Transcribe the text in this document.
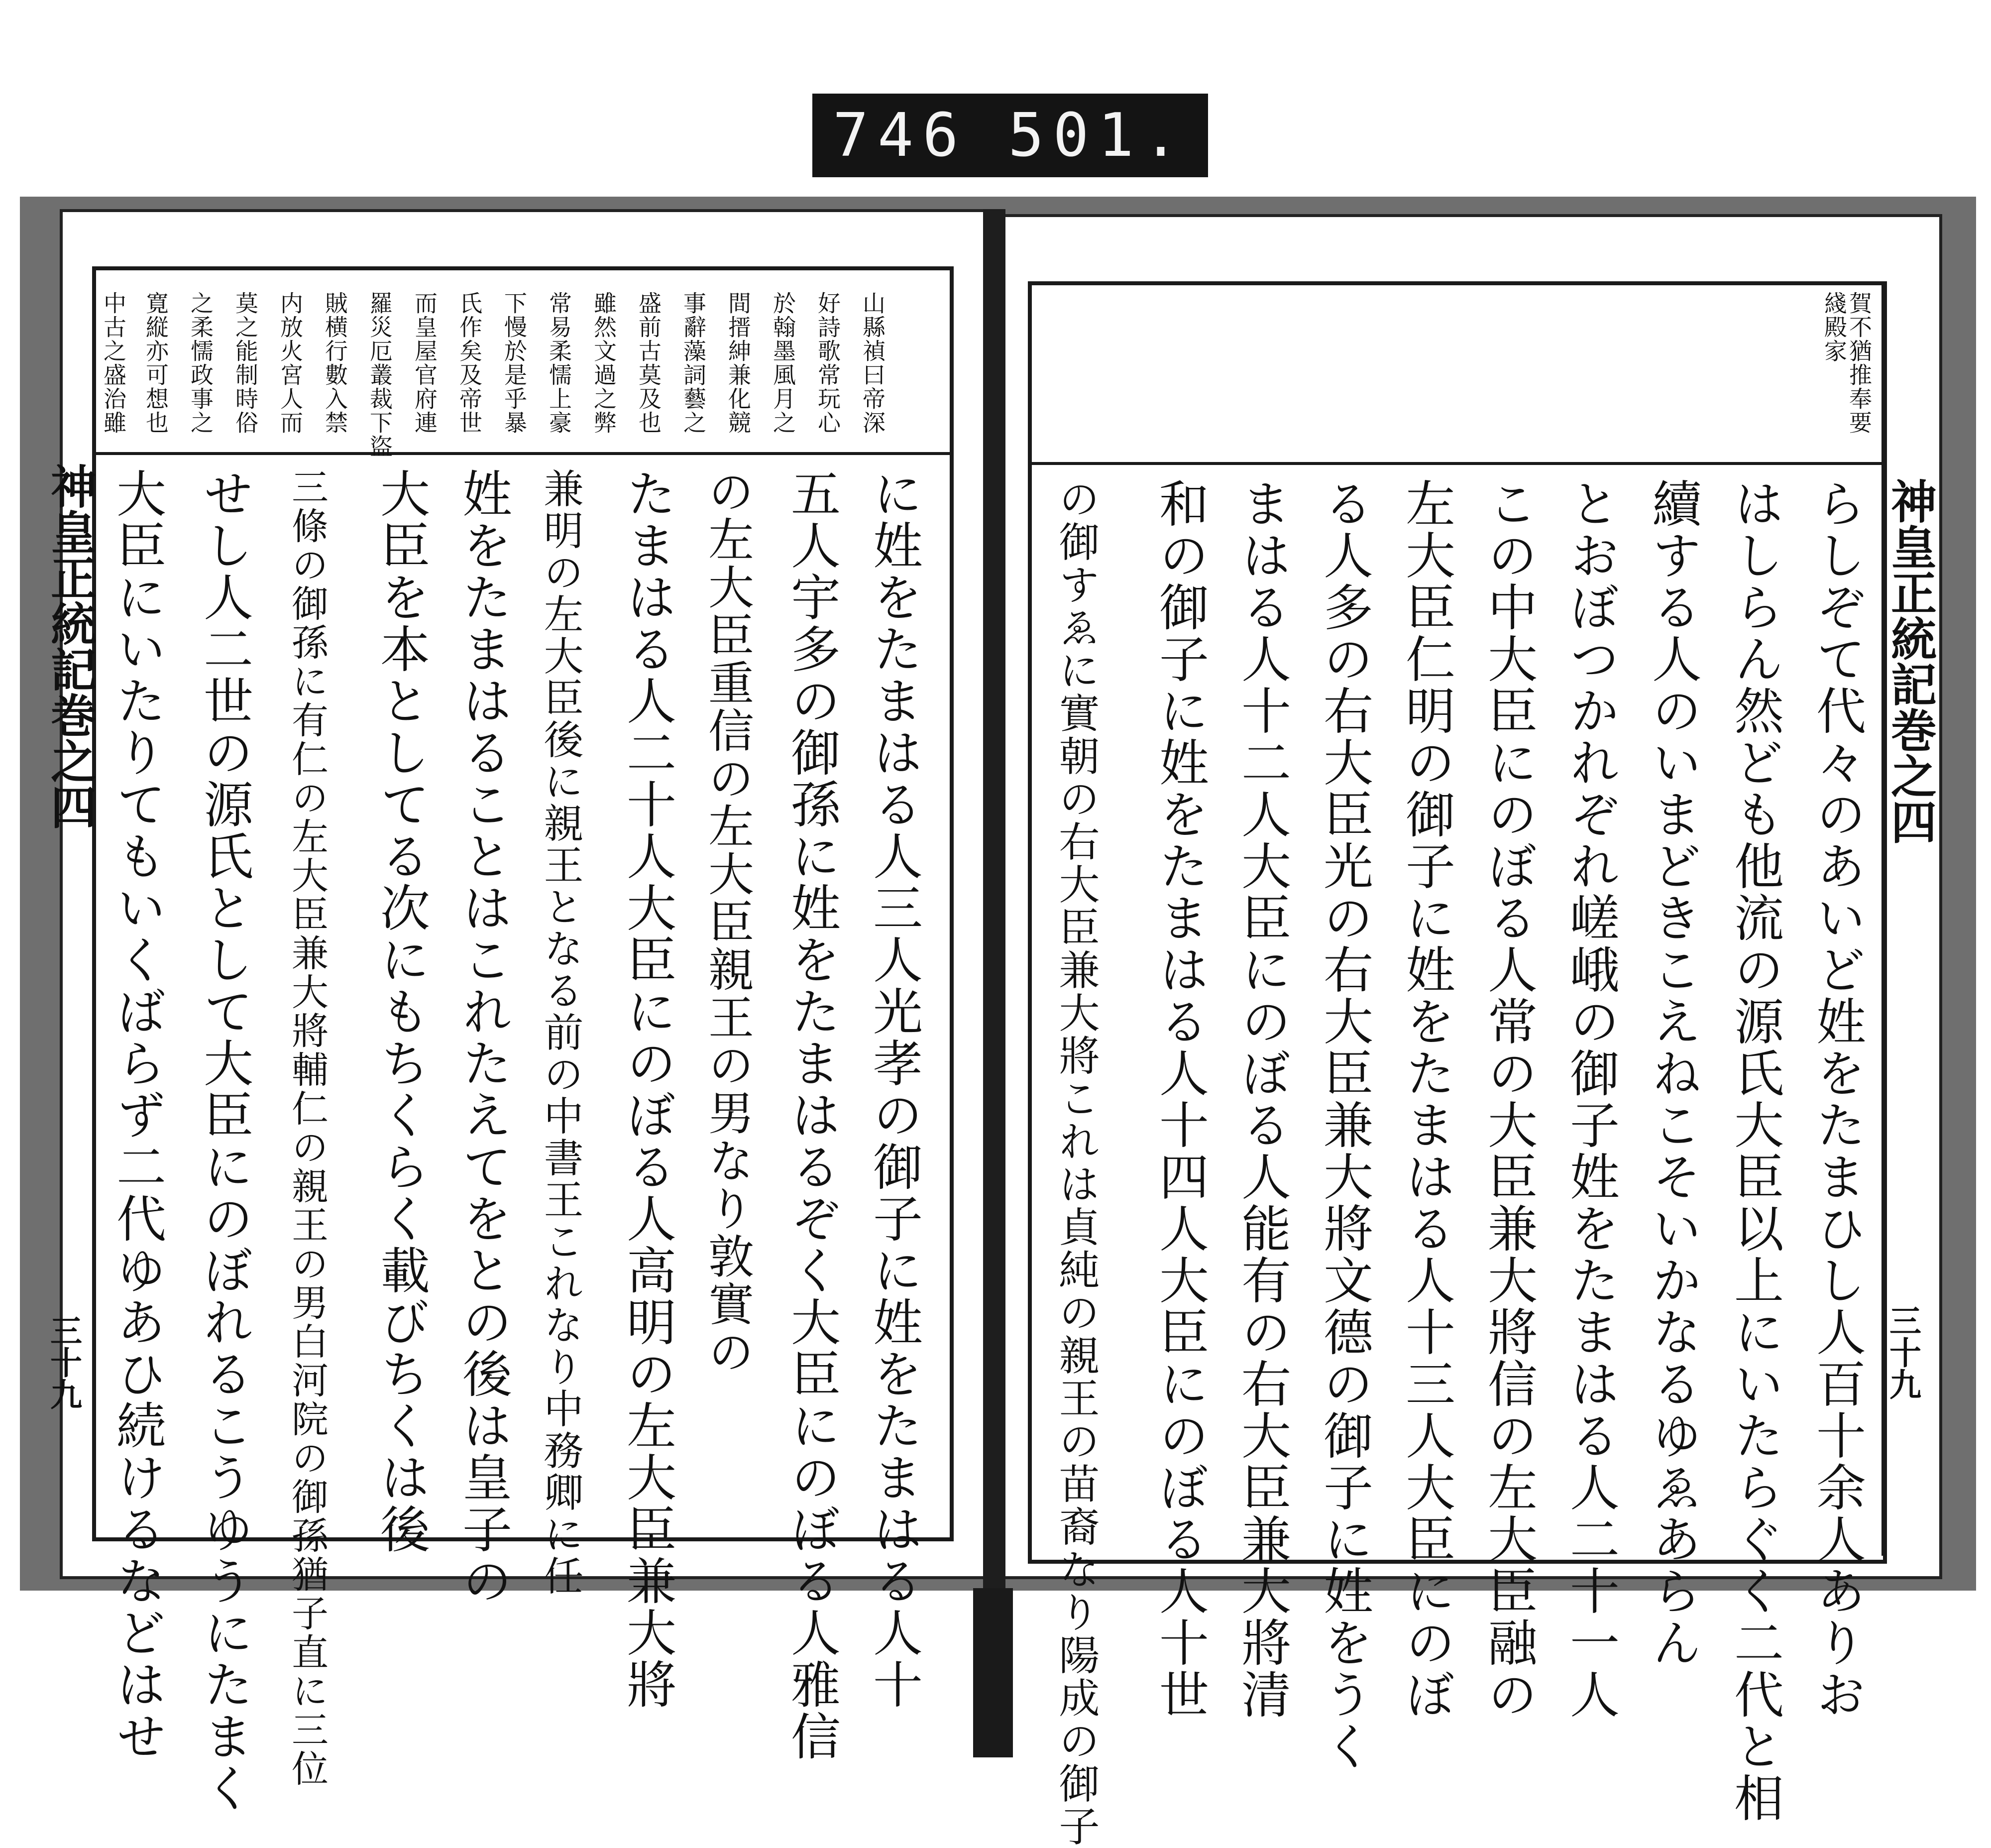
746 501.
神皇正統記巻之四
三十九
神皇正統記巻之四
三十九
賀不猶推奉要
綫殿家
らしぞて代々のあいど姓をたまひし人百十余人ありお
はしらん然ども他流の源氏大臣以上にいたらぐく二代と相
續する人のいまどきこえねこそいかなるゆゑあらん
とおぼつかれぞれ嵯峨の御子姓をたまはる人二十一人
この中大臣にのぼる人常の大臣兼大將信の左大臣融の
左大臣仁明の御子に姓をたまはる人十三人大臣にのぼ
る人多の右大臣光の右大臣兼大將文德の御子に姓をうく
まはる人十二人大臣にのぼる人能有の右大臣兼大將清
和の御子に姓をたまはる人十四人大臣にのぼる人十世
の御すゑに實朝の右大臣兼大將これは貞純の親王の苗裔なり陽成の御子
山縣禎曰帝深
好詩歌常玩心
於翰墨風月之
間搢紳兼化競
事辭藻詞藝之
盛前古莫及也
雖然文過之弊
常易柔懦上豪
下慢於是乎暴
氏作矣及帝世
而皇屋官府連
羅災厄叢裁下盜
賊横行數入禁
内放火宮人而
莫之能制時俗
之柔懦政事之
寛縦亦可想也
中古之盛治雖
に姓をたまはる人三人光孝の御子に姓をたまはる人十
五人宇多の御孫に姓をたまはるぞく大臣にのぼる人雅信
の左大臣重信の左大臣親王の男なり敦實の
たまはる人二十人大臣にのぼる人高明の左大臣兼大將
兼明の左大臣後に親王となる前の中書王これなり中務卿に任
姓をたまはることはこれたえてをとの後は皇子の
大臣を本としてる次にもちくらく載びちくは後
三條の御孫に有仁の左大臣兼大將輔仁の親王の男白河院の御孫猶子直に三位
せし人二世の源氏として大臣にのぼれるこうゆうにたまく
大臣にいたりてもいくばらず二代ゆあひ続けるなどはせ
